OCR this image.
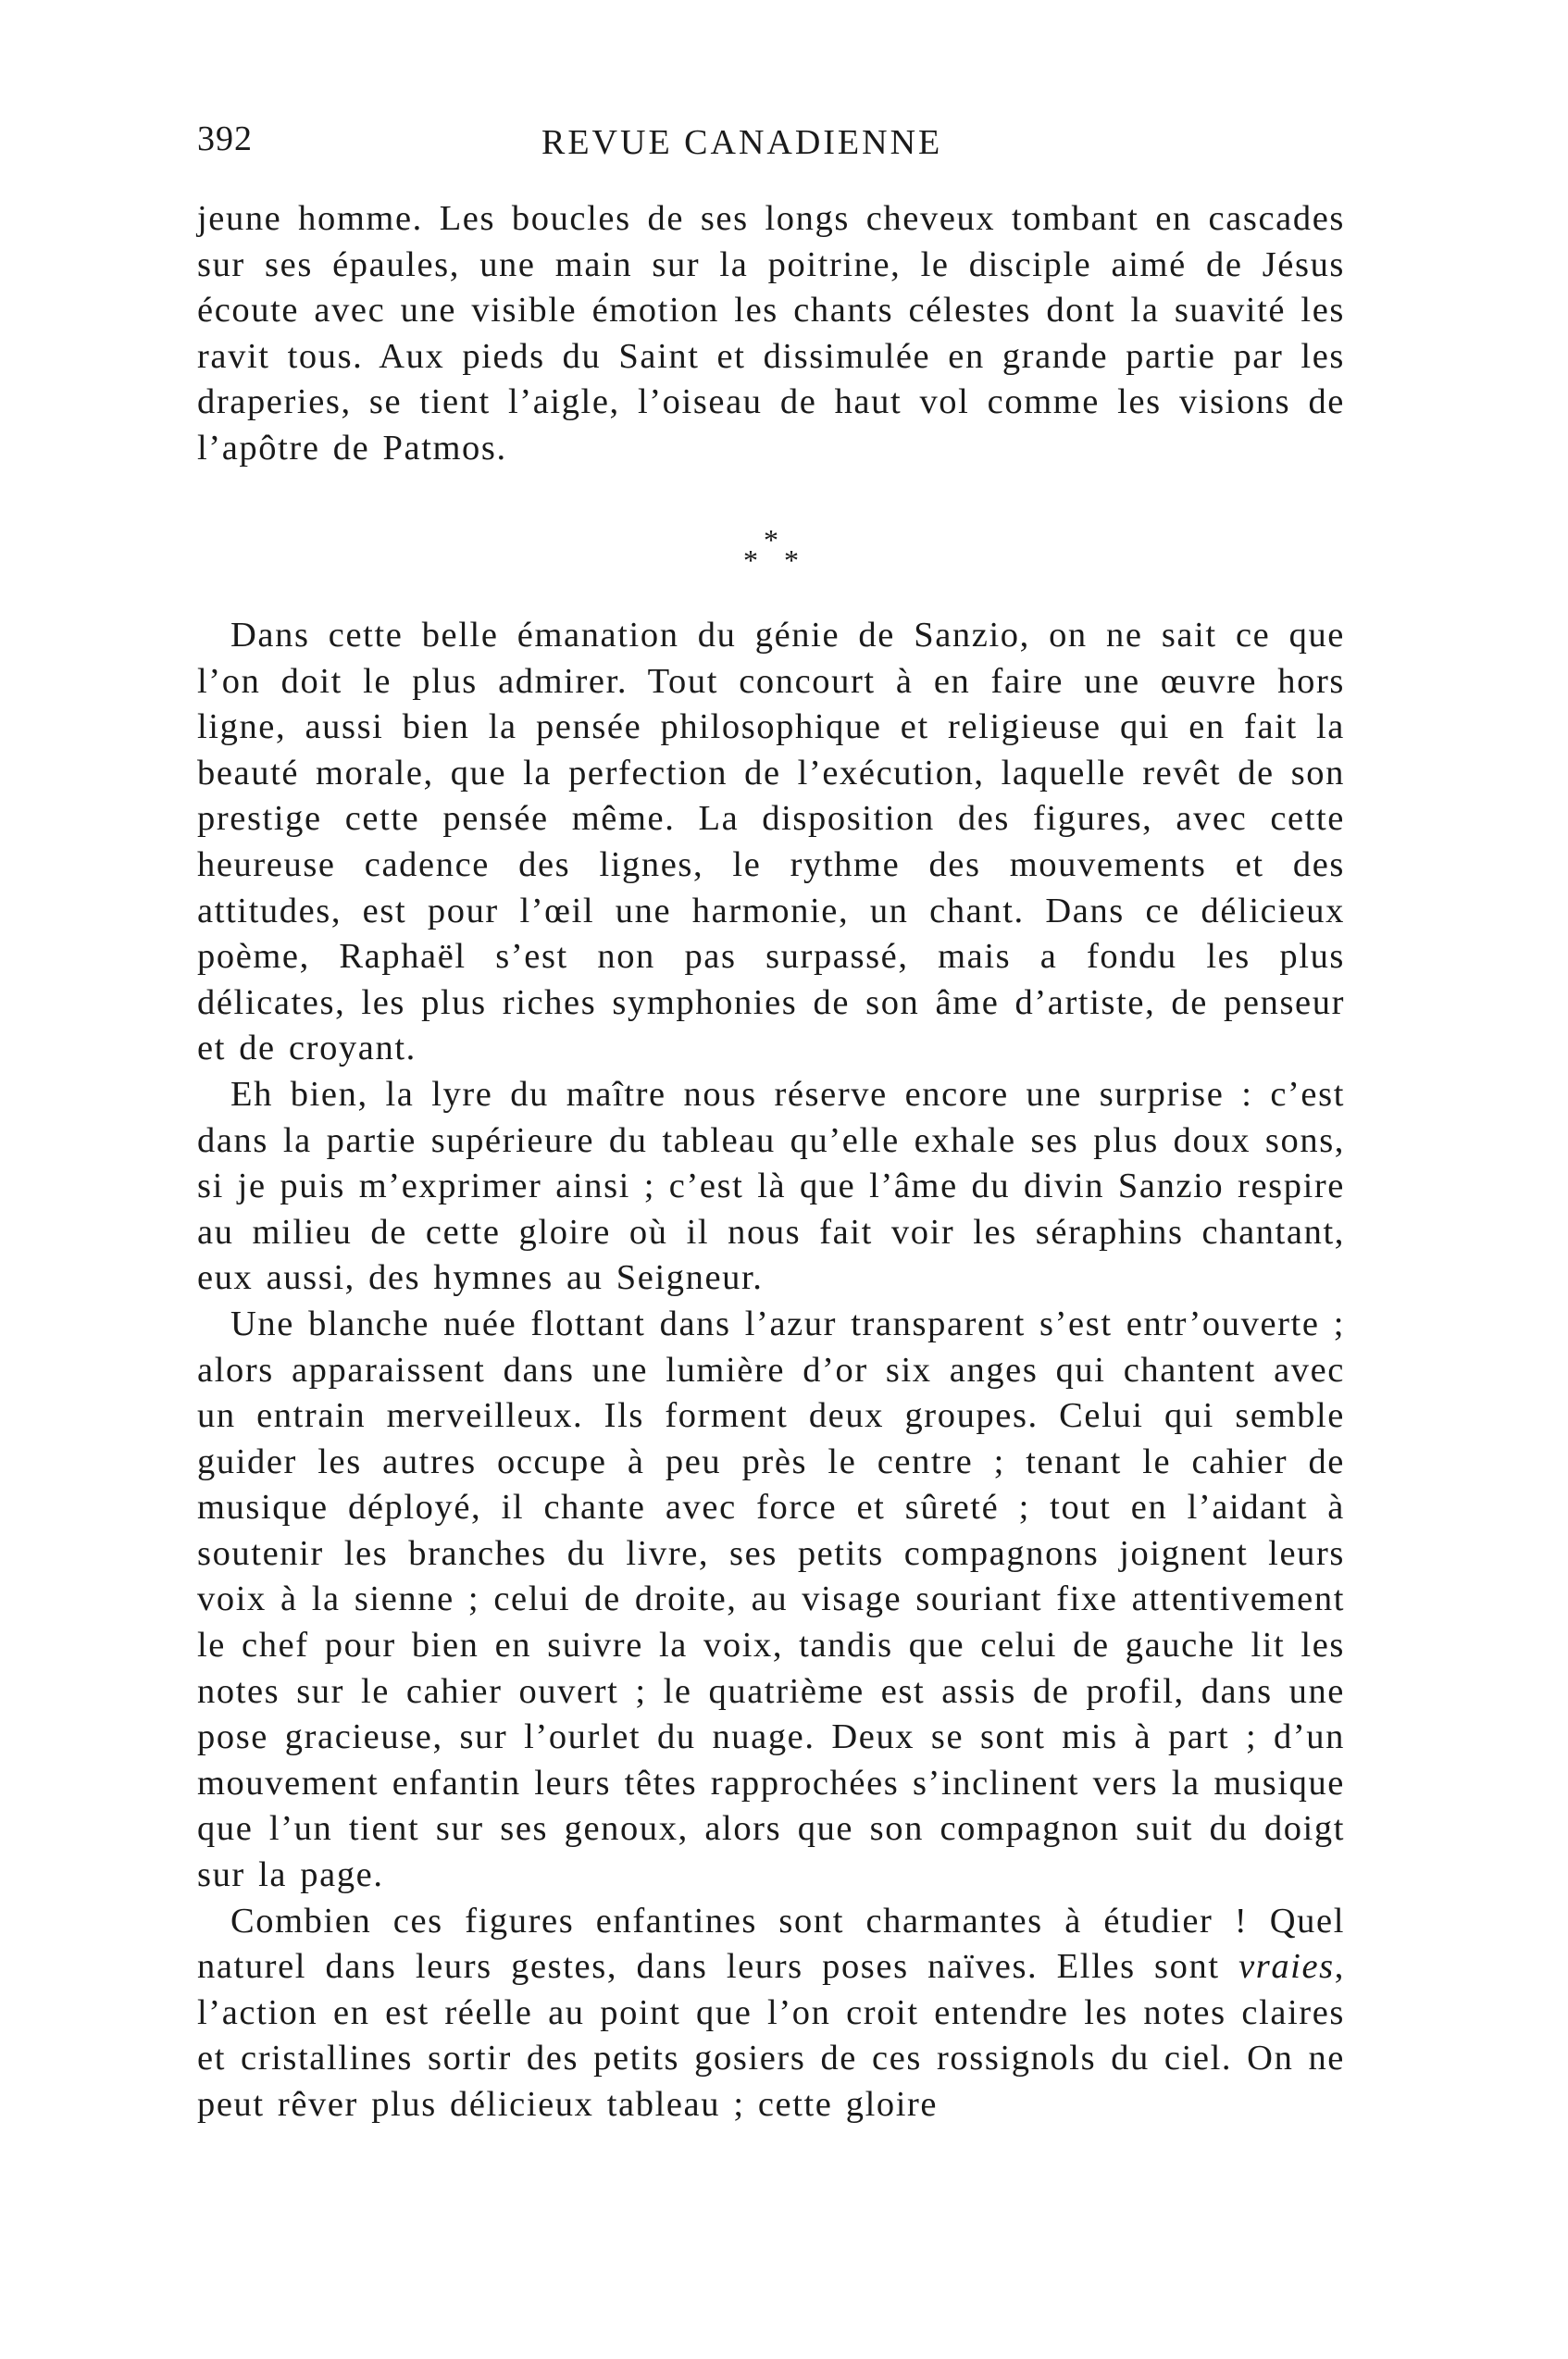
392	REVUE CANADIENNE

jeune homme. Les boucles de ses longs cheveux tombant en cascades sur ses épaules, une main sur la poitrine, le disciple aimé de Jésus écoute avec une visible émotion les chants célestes dont la suavité les ravit tous. Aux pieds du Saint et dissimulée en grande partie par les draperies, se tient l’aigle, l’oiseau de haut vol comme les visions de l’apôtre de Patmos.

*
* *

Dans cette belle émanation du génie de Sanzio, on ne sait ce que l’on doit le plus admirer. Tout concourt à en faire une œuvre hors ligne, aussi bien la pensée philosophique et religieuse qui en fait la beauté morale, que la perfection de l’exécution, laquelle revêt de son prestige cette pensée même. La disposition des figures, avec cette heureuse cadence des lignes, le rythme des mouvements et des attitudes, est pour l’œil une harmonie, un chant. Dans ce délicieux poème, Raphaël s’est non pas surpassé, mais a fondu les plus délicates, les plus riches symphonies de son âme d’artiste, de penseur et de croyant.

Eh bien, la lyre du maître nous réserve encore une surprise : c’est dans la partie supérieure du tableau qu’elle exhale ses plus doux sons, si je puis m’exprimer ainsi ; c’est là que l’âme du divin Sanzio respire au milieu de cette gloire où il nous fait voir les séraphins chantant, eux aussi, des hymnes au Seigneur.

Une blanche nuée flottant dans l’azur transparent s’est entr’ouverte ; alors apparaissent dans une lumière d’or six anges qui chantent avec un entrain merveilleux. Ils forment deux groupes. Celui qui semble guider les autres occupe à peu près le centre ; tenant le cahier de musique déployé, il chante avec force et sûreté ; tout en l’aidant à soutenir les branches du livre, ses petits compagnons joignent leurs voix à la sienne ; celui de droite, au visage souriant fixe attentivement le chef pour bien en suivre la voix, tandis que celui de gauche lit les notes sur le cahier ouvert ; le quatrième est assis de profil, dans une pose gracieuse, sur l’ourlet du nuage. Deux se sont mis à part ; d’un mouvement enfantin leurs têtes rapprochées s’inclinent vers la musique que l’un tient sur ses genoux, alors que son compagnon suit du doigt sur la page.

Combien ces figures enfantines sont charmantes à étudier ! Quel naturel dans leurs gestes, dans leurs poses naïves. Elles sont vraies, l’action en est réelle au point que l’on croit entendre les notes claires et cristallines sortir des petits gosiers de ces rossignols du ciel. On ne peut rêver plus délicieux tableau ; cette gloire
